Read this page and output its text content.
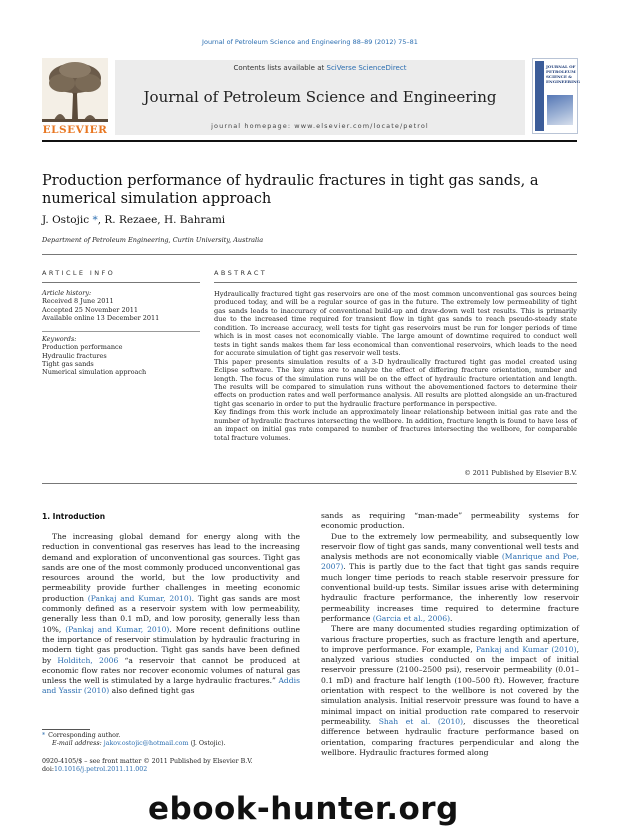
Journal of Petroleum Science and Engineering 88–89 (2012) 75–81
ELSEVIER
Contents lists available at SciVerse ScienceDirect
Journal of Petroleum Science and Engineering
journal homepage: www.elsevier.com/locate/petrol
JOURNAL OF PETROLEUM SCIENCE & ENGINEERING
Production performance of hydraulic fractures in tight gas sands, a numerical simulation approach
J. Ostojic *, R. Rezaee, H. Bahrami
Department of Petroleum Engineering, Curtin University, Australia
ARTICLE INFO	ABSTRACT
Article history:
Received 8 June 2011
Accepted 25 November 2011
Available online 13 December 2011
Keywords:
Production performance
Hydraulic fractures
Tight gas sands
Numerical simulation approach

Hydraulically fractured tight gas reservoirs are one of the most common unconventional gas sources being produced today, and will be a regular source of gas in the future. The extremely low permeability of tight gas sands leads to inaccuracy of conventional build-up and draw-down well test results. This is primarily due to the increased time required for transient flow in tight gas sands to reach pseudo-steady state condition. To increase accuracy, well tests for tight gas reservoirs must be run for longer periods of time which is in most cases not economically viable. The large amount of downtime required to conduct well tests in tight sands makes them far less economical than conventional reservoirs, which leads to the need for accurate simulation of tight gas reservoir well tests.

This paper presents simulation results of a 3-D hydraulically fractured tight gas model created using Eclipse software. The key aims are to analyze the effect of differing fracture orientation, number and length. The focus of the simulation runs will be on the effect of hydraulic fracture orientation and length. The results will be compared to simulation runs without the abovementioned factors to determine their effects on production rates and well performance analysis. All results are plotted alongside an un-fractured tight gas scenario in order to put the hydraulic fracture performance in perspective.

Key findings from this work include an approximately linear relationship between initial gas rate and the number of hydraulic fractures intersecting the wellbore. In addition, fracture length is found to have less of an impact on initial gas rate compared to number of fractures intersecting the wellbore, for comparable total fracture volumes.

© 2011 Published by Elsevier B.V.
1. Introduction

The increasing global demand for energy along with the reduction in conventional gas reserves has lead to the increasing demand and exploration of unconventional gas sources. Tight gas sands are one of the most commonly produced unconventional gas resources around the world, but the low productivity and permeability provide further challenges in meeting economic production (Pankaj and Kumar, 2010). Tight gas sands are most commonly defined as a reservoir system with low permeability, generally less than 0.1 mD, and low porosity, generally less than 10%, (Pankaj and Kumar, 2010). More recent definitions outline the importance of reservoir stimulation by hydraulic fracturing in modern tight gas production. Tight gas sands have been defined by Holditch, 2006 “a reservoir that cannot be produced at economic flow rates nor recover economic volumes of natural gas unless the well is stimulated by a large hydraulic fractures.” Addis and Yassir (2010) also defined tight gas

sands as requiring “man-made” permeability systems for economic production.

Due to the extremely low permeability, and subsequently low reservoir flow of tight gas sands, many conventional well tests and analysis methods are not economically viable (Manrique and Poe, 2007). This is partly due to the fact that tight gas sands require much longer time periods to reach stable reservoir pressure for conventional build-up tests. Similar issues arise with determining hydraulic fracture performance, the inherently low reservoir permeability increases time required to determine fracture performance (Garcia et al., 2006).

There are many documented studies regarding optimization of various fracture properties, such as fracture length and aperture, to improve performance. For example, Pankaj and Kumar (2010), analyzed various studies conducted on the impact of initial reservoir pressure (2100–2500 psi), reservoir permeability (0.01–0.1 mD) and fracture half length (100–500 ft). However, fracture orientation with respect to the wellbore is not covered by the simulation analysis. Initial reservoir pressure was found to have a minimal impact on initial production rate compared to reservoir permeability. Shah et al. (2010), discusses the theoretical difference between hydraulic fracture performance based on orientation, comparing fractures perpendicular and along the wellbore. Hydraulic fractures formed along

* Corresponding author.
E-mail address: jakov.ostojic@hotmail.com (J. Ostojic).
0920-4105/$ – see front matter © 2011 Published by Elsevier B.V.
doi:10.1016/j.petrol.2011.11.002
ebook-hunter.org
